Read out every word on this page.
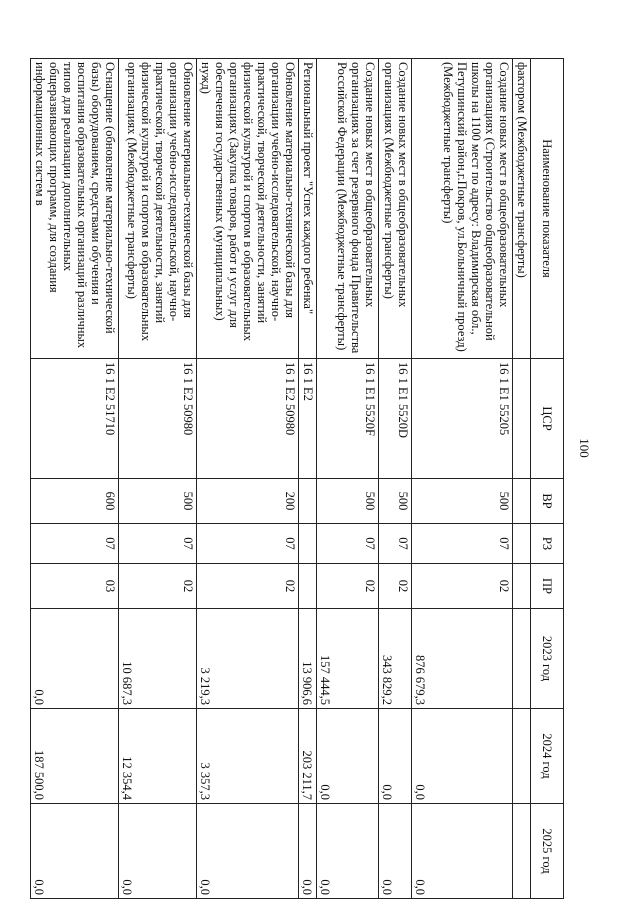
100
Наименование показателя	ЦСР	ВР	РЗ	ПР	2023 год	2024 год	2025 год
фактором (Межбюджетные трансферты)							
Создание новых мест в общеобразовательных организациях (Строительство общеобразовательной школы на 1100 мест по адресу: Владимирская обл., Петушинский район,г.Покров, ул.Больничный проезд) (Межбюджетные трансферты)	16 1 E1 55205	500	07	02	876 679,3	0,0	0,0
Создание новых мест в общеобразовательных организациях (Межбюджетные трансферты)	16 1 E1 5520D	500	07	02	343 829,2	0,0	0,0
Создание новых мест в общеобразовательных организациях за счет резервного фонда Правительства Российской Федерации (Межбюджетные трансферты)	16 1 E1 5520F	500	07	02	157 444,5	0,0	0,0
Региональный проект "Успех каждого ребенка"	16 1 E2				13 906,6	203 211,7	0,0
Обновление материально-технической базы для организации учебно-исследовательской, научно-практической, творческой деятельности, занятий физической культурой и спортом в образовательных организациях (Закупка товаров, работ и услуг для обеспечения государственных (муниципальных) нужд)	16 1 E2 50980	200	07	02	3 219,3	3 357,3	0,0
Обновление материально-технической базы для организации учебно-исследовательской, научно-практической, творческой деятельности, занятий физической культурой и спортом в образовательных организациях (Межбюджетные трансферты)	16 1 E2 50980	500	07	02	10 687,3	12 354,4	0,0
Оснащение (обновление материально-технической базы) оборудованием, средствами обучения и воспитания образовательных организаций различных типов для реализации дополнительных общеразвивающих программ, для создания информационных систем в	16 1 E2 51710	600	07	03	0,0	187 500,0	0,0
